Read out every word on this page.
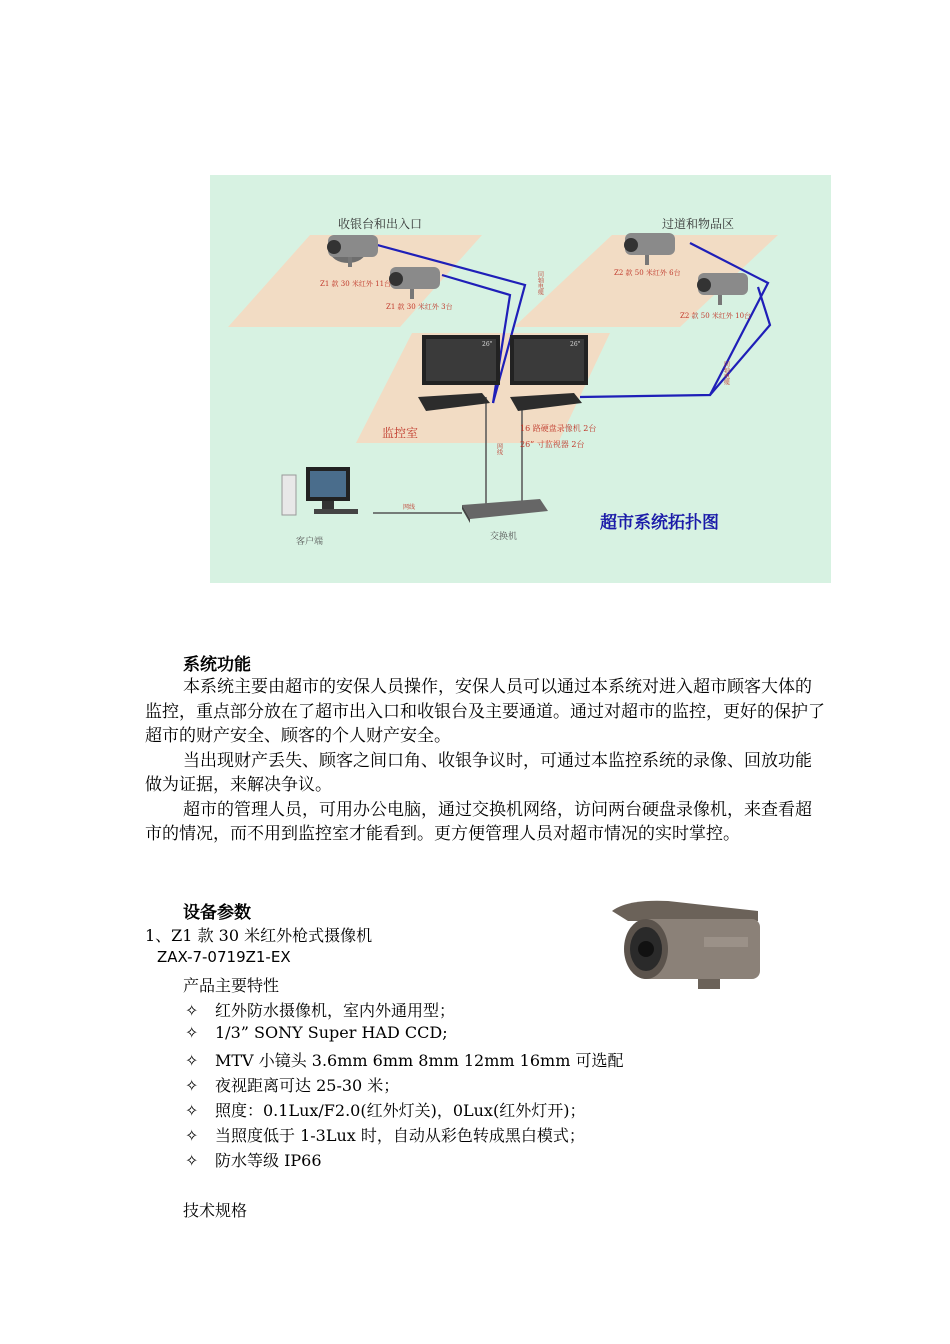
26"	26"
收银台和出入口	过道和物品区
Z1 款 30 米红外 11台
Z1 款 30 米红外 3台
Z2 款 50 米红外 6台
Z2 款 50 米红外 10台
监控室	16 路硬盘录像机 2台
26” 寸监视器 2台
客户端	交换机
网线
超市系统拓扑图
同轴电缆
同轴电缆
网线
系统功能

本系统主要由超市的安保人员操作，安保人员可以通过本系统对进入超市顾客大体的监控，重点部分放在了超市出入口和收银台及主要通道。通过对超市的监控，更好的保护了超市的财产安全、顾客的个人财产安全。

当出现财产丢失、顾客之间口角、收银争议时，可通过本监控系统的录像、回放功能做为证据，来解决争议。

超市的管理人员，可用办公电脑，通过交换机网络，访问两台硬盘录像机，来查看超市的情况，而不用到监控室才能看到。更方便管理人员对超市情况的实时掌控。

设备参数
1、Z1 款 30 米红外枪式摄像机
ZAX-7-0719Z1-EX
产品主要特性
✧ 红外防水摄像机，室内外通用型；
✧ 1/3” SONY Super HAD CCD;
✧ MTV 小镜头 3.6mm 6mm 8mm 12mm 16mm 可选配
✧ 夜视距离可达 25-30 米；
✧ 照度：0.1Lux/F2.0(红外灯关)，0Lux(红外灯开)；
✧ 当照度低于 1-3Lux 时，自动从彩色转成黑白模式；
✧ 防水等级 IP66
技术规格
